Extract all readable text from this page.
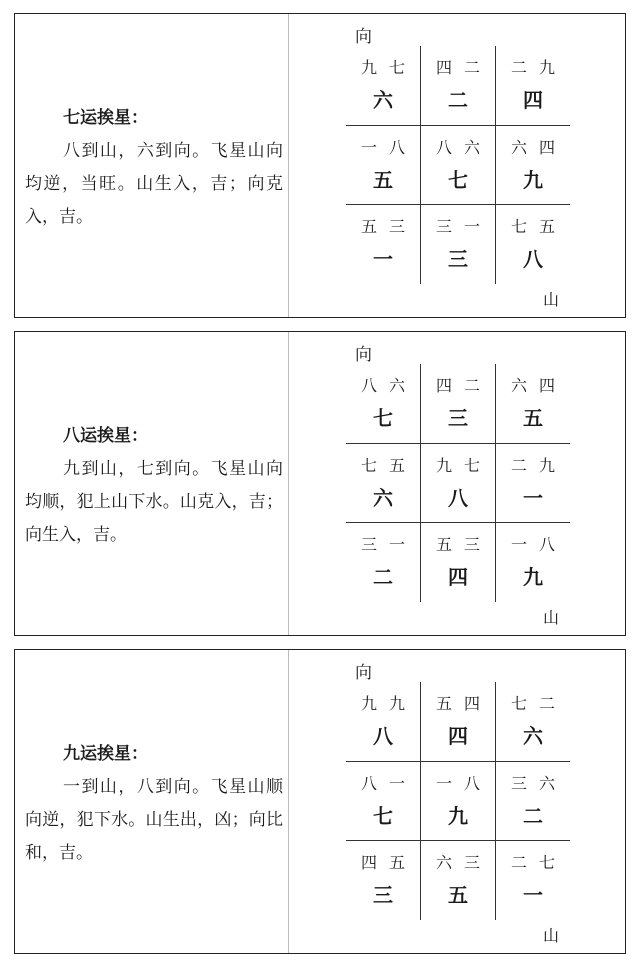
七运挨星：
八到山，六到向。飞星山向均逆，当旺。山生入，吉；向克入，吉。
向
九 七
六
四 二
二
二 九
四
一 八
五
八 六
七
六 四
九
五 三
一
三 一
三
七 五
八
山
八运挨星：
九到山，七到向。飞星山向均顺，犯上山下水。山克入，吉；向生入，吉。
向
八 六
七
四 二
三
六 四
五
七 五
六
九 七
八
二 九
一
三 一
二
五 三
四
一 八
九
山
九运挨星：
一到山，八到向。飞星山顺向逆，犯下水。山生出，凶；向比和，吉。
向
九 九
八
五 四
四
七 二
六
八 一
七
一 八
九
三 六
二
四 五
三
六 三
五
二 七
一
山
